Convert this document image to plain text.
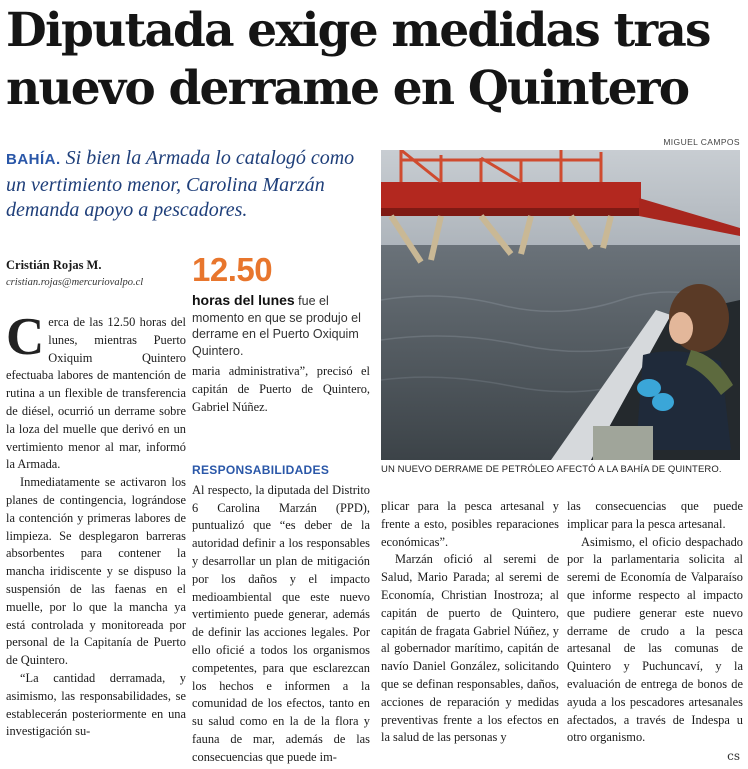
Diputada exige medidas tras nuevo derrame en Quintero
BAHÍA. Si bien la Armada lo catalogó como un vertimiento menor, Carolina Marzán demanda apoyo a pescadores.
Cristián Rojas M.
cristian.rojas@mercuriovalpo.cl	12.50
horas del lunes fue el momento en que se produjo el derrame en el Puerto Oxiquim Quintero.

Cerca de las 12.50 horas del lunes, mientras Puerto Oxiquim Quintero efectuaba labores de mantención de rutina a un flexible de transferencia de diésel, ocurrió un derrame sobre la loza del muelle que derivó en un vertimiento menor al mar, informó la Armada.

Inmediatamente se activaron los planes de contingencia, lográndose la contención y primeras labores de limpieza. Se desplegaron barreras absorbentes para contener la mancha iridiscente y se dispuso la suspensión de las faenas en el muelle, por lo que la mancha ya está controlada y monitoreada por personal de la Capitanía de Puerto de Quintero.

“La cantidad derramada, y asimismo, las responsabilidades, se establecerán posteriormente en una investigación su-

maria administrativa”, precisó el capitán de Puerto de Quintero, Gabriel Núñez.

RESPONSABILIDADES

Al respecto, la diputada del Distrito 6 Carolina Marzán (PPD), puntualizó que “es deber de la autoridad definir a los responsables y desarrollar un plan de mitigación por los daños y el impacto medioambiental que este nuevo vertimiento puede generar, además de definir las acciones legales. Por ello oficié a todos los organismos competentes, para que esclarezcan los hechos e informen a la comunidad de los efectos, tanto en su salud como en la de la flora y fauna de mar, además de las consecuencias que puede im-

plicar para la pesca artesanal y frente a esto, posibles reparaciones económicas”.

Marzán ofició al seremi de Salud, Mario Parada; al seremi de Economía, Christian Inostroza; al capitán de puerto de Quintero, capitán de fragata Gabriel Núñez, y al gobernador marítimo, capitán de navío Daniel González, solicitando que se definan responsables, daños, acciones de reparación y medidas preventivas frente a los efectos en la salud de las personas y

las consecuencias que puede implicar para la pesca artesanal.

Asimismo, el oficio despachado por la parlamentaria solicita al seremi de Economía de Valparaíso que informe respecto al impacto que pudiere generar este nuevo derrame de crudo a la pesca artesanal de las comunas de Quintero y Puchuncaví, y la evaluación de entrega de bonos de ayuda a los pescadores artesanales afectados, a través de Indespa u otro organismo.

MIGUEL CAMPOS
UN NUEVO DERRAME DE PETRÓLEO AFECTÓ A LA BAHÍA DE QUINTERO.
cs
